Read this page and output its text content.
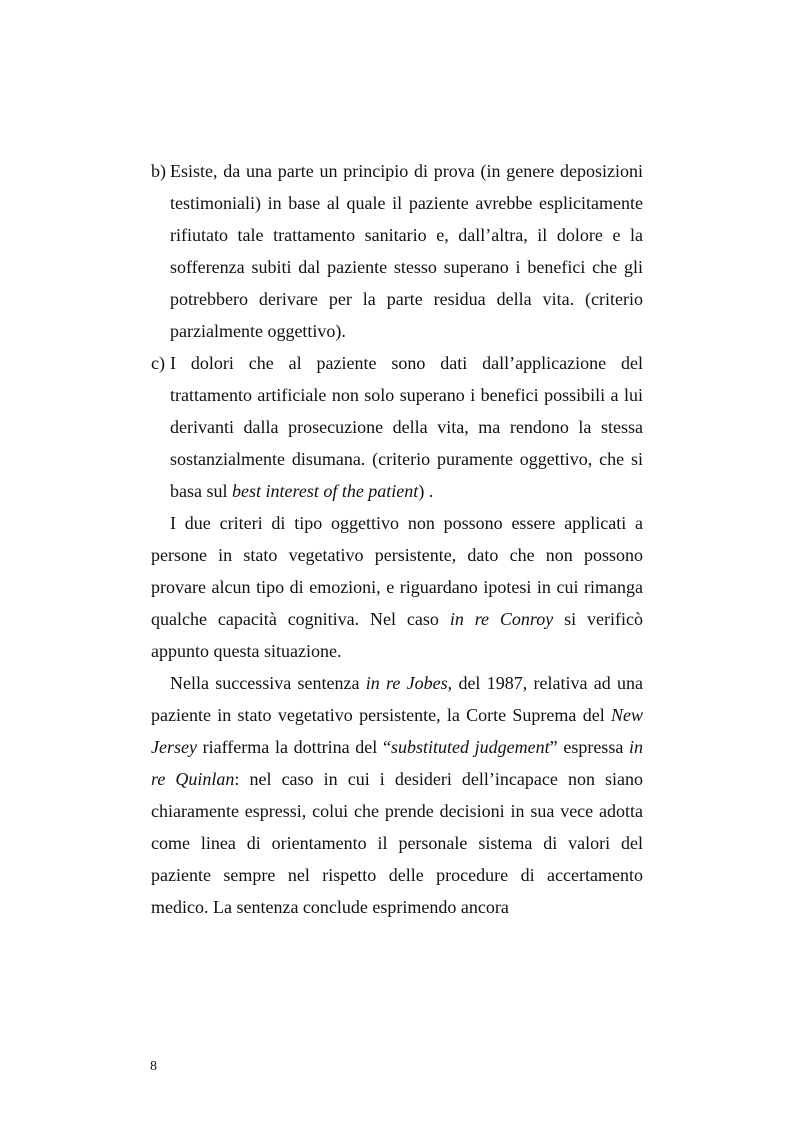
b) Esiste, da una parte un principio di prova (in genere deposizioni testimoniali) in base al quale il paziente avrebbe esplicitamente rifiutato tale trattamento sanitario e, dall’altra, il dolore e la sofferenza subiti dal paziente stesso superano i benefici che gli potrebbero derivare per la parte residua della vita. (criterio parzialmente oggettivo).

c) I dolori che al paziente sono dati dall’applicazione del trattamento artificiale non solo superano i benefici possibili a lui derivanti dalla prosecuzione della vita, ma rendono la stessa sostanzialmente disumana. (criterio puramente oggettivo, che si basa sul best interest of the patient) .

I due criteri di tipo oggettivo non possono essere applicati a persone in stato vegetativo persistente, dato che non possono provare alcun tipo di emozioni, e riguardano ipotesi in cui rimanga qualche capacità cognitiva. Nel caso in re Conroy si verificò appunto questa situazione.

Nella successiva sentenza in re Jobes, del 1987, relativa ad una paziente in stato vegetativo persistente, la Corte Suprema del New Jersey riafferma la dottrina del “substituted judgement” espressa in re Quinlan: nel caso in cui i desideri dell’incapace non siano chiaramente espressi, colui che prende decisioni in sua vece adotta come linea di orientamento il personale sistema di valori del paziente sempre nel rispetto delle procedure di accertamento medico. La sentenza conclude esprimendo ancora

8
